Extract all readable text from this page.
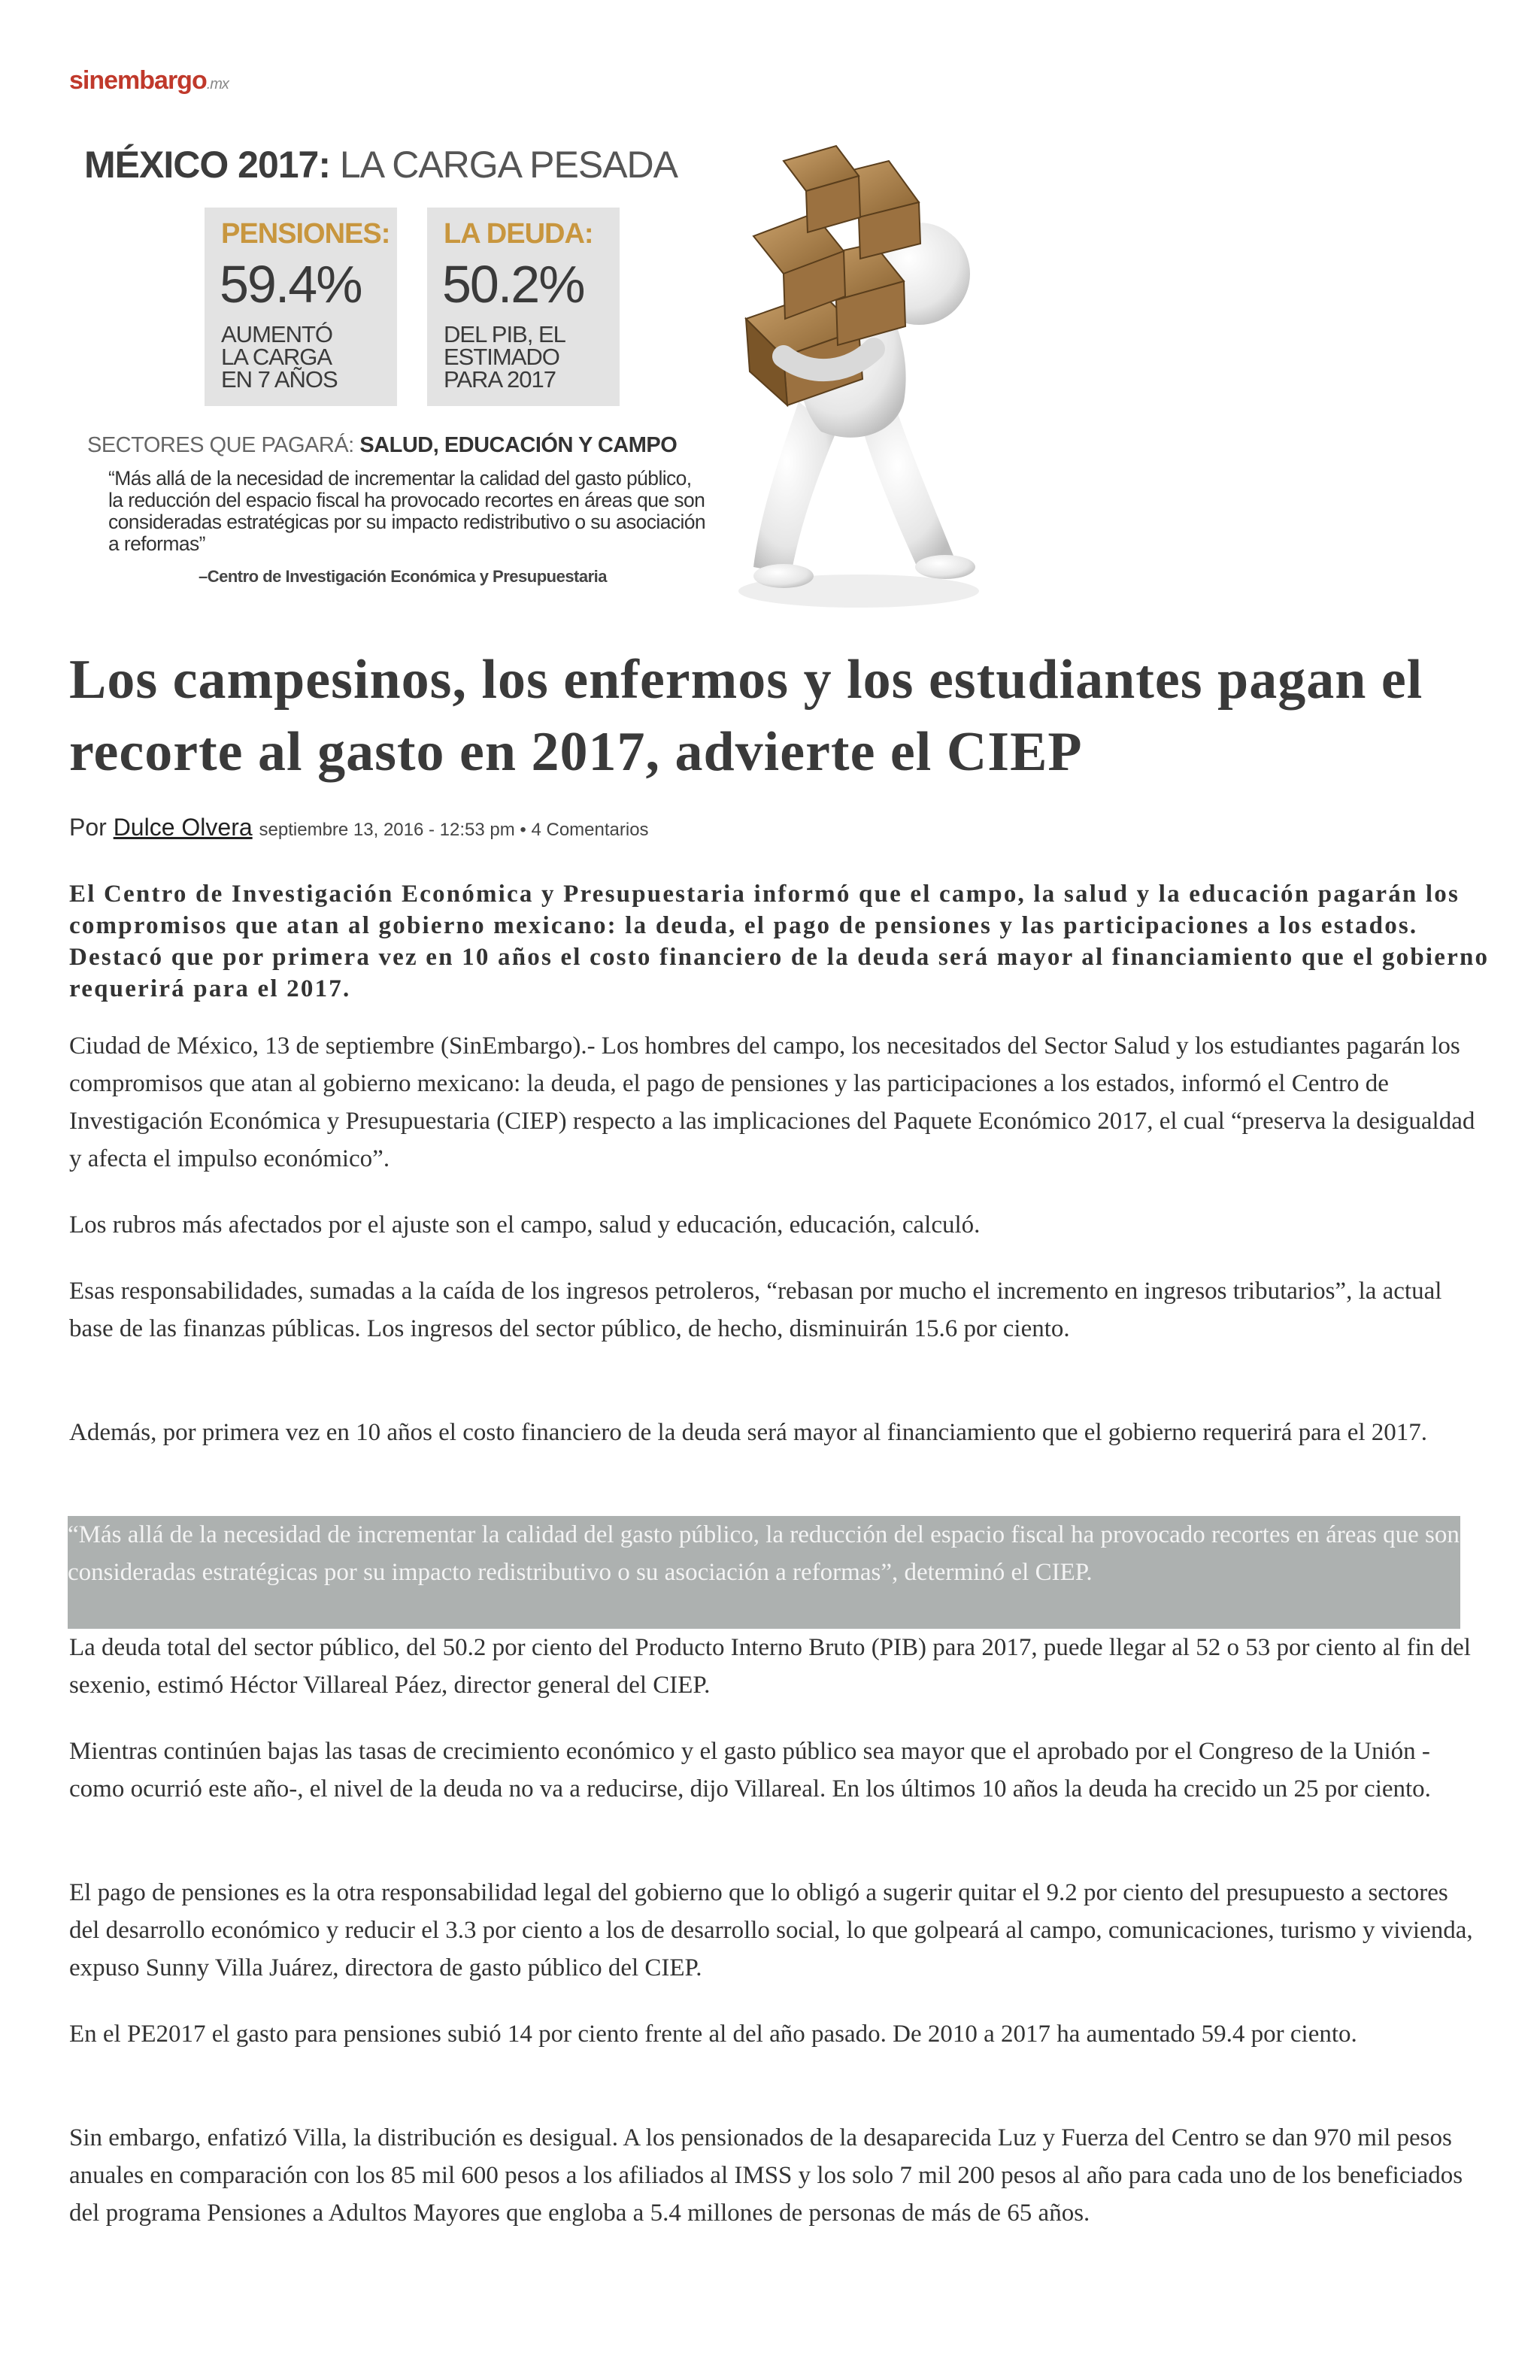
sinembargo.mx
MÉXICO 2017: LA CARGA PESADA
PENSIONES:
59.4%
AUMENTÓ
LA CARGA
EN 7 AÑOS
LA DEUDA:
50.2%
DEL PIB, EL
ESTIMADO
PARA 2017
SECTORES QUE PAGARÁ: SALUD, EDUCACIÓN Y CAMPO
“Más allá de la necesidad de incrementar la calidad del gasto público, la reducción del espacio fiscal ha provocado recortes en áreas que son consideradas estratégicas por su impacto redistributivo o su asociación a reformas”
–Centro de Investigación Económica y Presupuestaria
Los campesinos, los enfermos y los estudiantes pagan el recorte al gasto en 2017, advierte el CIEP
Por Dulce Olvera septiembre 13, 2016 - 12:53 pm • 4 Comentarios

El Centro de Investigación Económica y Presupuestaria informó que el campo, la salud y la educación pagarán los compromisos que atan al gobierno mexicano: la deuda, el pago de pensiones y las participaciones a los estados. Destacó que por primera vez en 10 años el costo financiero de la deuda será mayor al financiamiento que el gobierno requerirá para el 2017.

Ciudad de México, 13 de septiembre (SinEmbargo).- Los hombres del campo, los necesitados del Sector Salud y los estudiantes pagarán los compromisos que atan al gobierno mexicano: la deuda, el pago de pensiones y las participaciones a los estados, informó el Centro de Investigación Económica y Presupuestaria (CIEP) respecto a las implicaciones del Paquete Económico 2017, el cual “preserva la desigualdad y afecta el impulso económico”.

Los rubros más afectados por el ajuste son el campo, salud y educación, educación, calculó.

Esas responsabilidades, sumadas a la caída de los ingresos petroleros, “rebasan por mucho el incremento en ingresos tributarios”, la actual base de las finanzas públicas. Los ingresos del sector público, de hecho, disminuirán 15.6 por ciento.

Además, por primera vez en 10 años el costo financiero de la deuda será mayor al financiamiento que el gobierno requerirá para el 2017.

“Más allá de la necesidad de incrementar la calidad del gasto público, la reducción del espacio fiscal ha provocado recortes en áreas que son consideradas estratégicas por su impacto redistributivo o su asociación a reformas”, determinó el CIEP.

La deuda total del sector público, del 50.2 por ciento del Producto Interno Bruto (PIB) para 2017, puede llegar al 52 o 53 por ciento al fin del sexenio, estimó Héctor Villareal Páez, director general del CIEP.

Mientras continúen bajas las tasas de crecimiento económico y el gasto público sea mayor que el aprobado por el Congreso de la Unión -como ocurrió este año-, el nivel de la deuda no va a reducirse, dijo Villareal. En los últimos 10 años la deuda ha crecido un 25 por ciento.

El pago de pensiones es la otra responsabilidad legal del gobierno que lo obligó a sugerir quitar el 9.2 por ciento del presupuesto a sectores del desarrollo económico y reducir el 3.3 por ciento a los de desarrollo social, lo que golpeará al campo, comunicaciones, turismo y vivienda, expuso Sunny Villa Juárez, directora de gasto público del CIEP.

En el PE2017 el gasto para pensiones subió 14 por ciento frente al del año pasado. De 2010 a 2017 ha aumentado 59.4 por ciento.

Sin embargo, enfatizó Villa, la distribución es desigual. A los pensionados de la desaparecida Luz y Fuerza del Centro se dan 970 mil pesos anuales en comparación con los 85 mil 600 pesos a los afiliados al IMSS y los solo 7 mil 200 pesos al año para cada uno de los beneficiados del programa Pensiones a Adultos Mayores que engloba a 5.4 millones de personas de más de 65 años.
